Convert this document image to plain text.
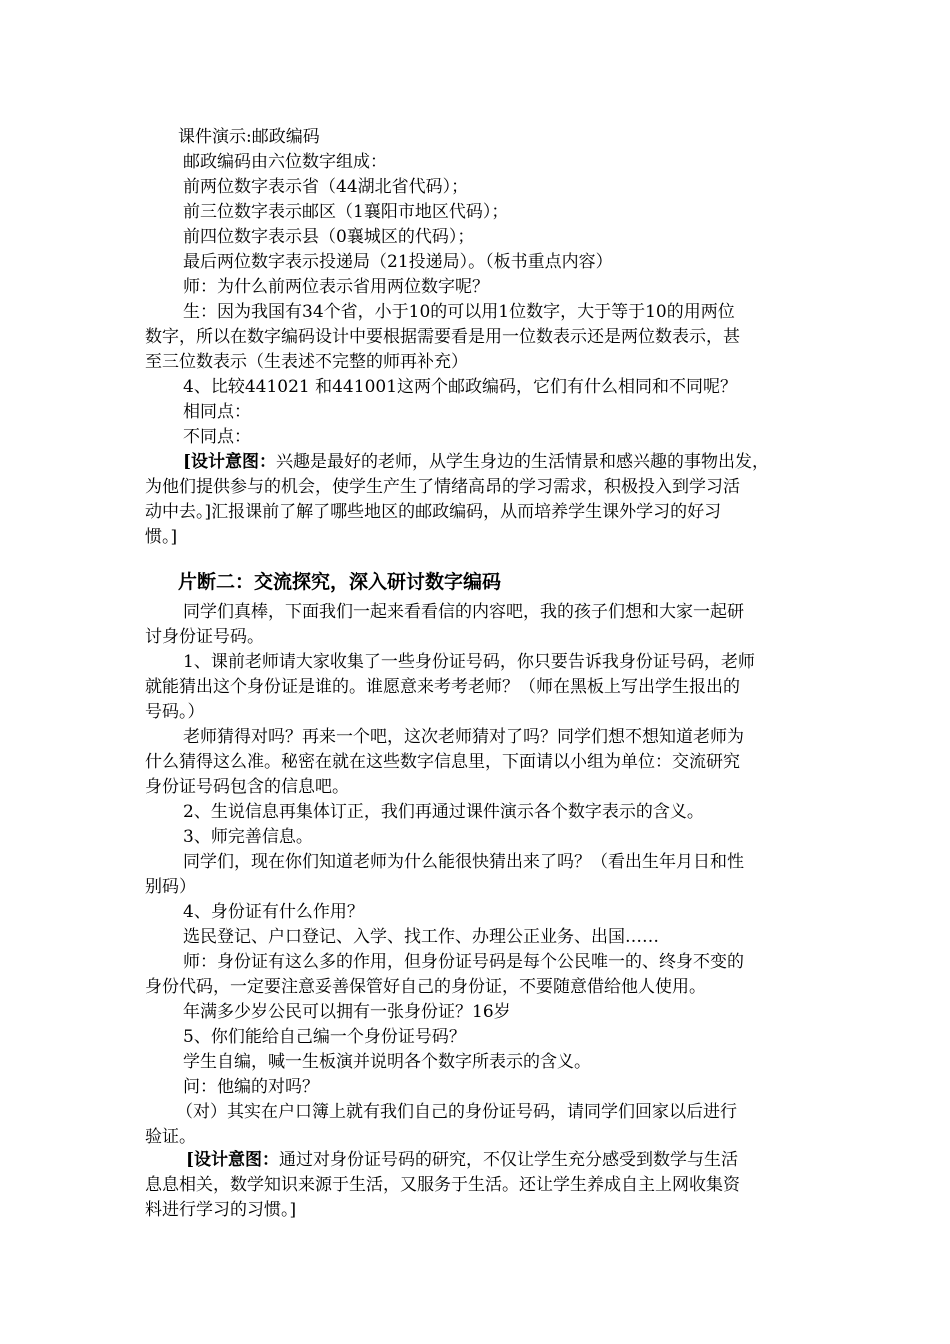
课件演示:邮政编码
邮政编码由六位数字组成：
前两位数字表示省（44湖北省代码）；
前三位数字表示邮区（1襄阳市地区代码）；
前四位数字表示县（0襄城区的代码）；
最后两位数字表示投递局（21投递局）。（板书重点内容）
师：为什么前两位表示省用两位数字呢？
生：因为我国有34个省，小于10的可以用1位数字，大于等于10的用两位
数字，所以在数字编码设计中要根据需要看是用一位数表示还是两位数表示，甚
至三位数表示（生表述不完整的师再补充）
4、比较441021 和441001这两个邮政编码，它们有什么相同和不同呢？
相同点：
不同点：
[设计意图：兴趣是最好的老师，从学生身边的生活情景和感兴趣的事物出发，
为他们提供参与的机会，使学生产生了情绪高昂的学习需求，积极投入到学习活
动中去。]汇报课前了解了哪些地区的邮政编码，从而培养学生课外学习的好习
惯。]
片断二：交流探究，深入研讨数字编码
同学们真棒，下面我们一起来看看信的内容吧，我的孩子们想和大家一起研
讨身份证号码。
1、课前老师请大家收集了一些身份证号码，你只要告诉我身份证号码，老师
就能猜出这个身份证是谁的。谁愿意来考考老师？（师在黑板上写出学生报出的
号码。）
老师猜得对吗？再来一个吧，这次老师猜对了吗？同学们想不想知道老师为
什么猜得这么准。秘密在就在这些数字信息里，下面请以小组为单位：交流研究
身份证号码包含的信息吧。
2、生说信息再集体订正，我们再通过课件演示各个数字表示的含义。
3、师完善信息。
同学们，现在你们知道老师为什么能很快猜出来了吗？（看出生年月日和性
别码）
4、身份证有什么作用？
选民登记、户口登记、入学、找工作、办理公正业务、出国……
师：身份证有这么多的作用，但身份证号码是每个公民唯一的、终身不变的
身份代码，一定要注意妥善保管好自己的身份证，不要随意借给他人使用。
年满多少岁公民可以拥有一张身份证？16岁
5、你们能给自己编一个身份证号码？
学生自编，喊一生板演并说明各个数字所表示的含义。
问：他编的对吗？
（对）其实在户口簿上就有我们自己的身份证号码，请同学们回家以后进行
验证。
[设计意图：通过对身份证号码的研究，不仅让学生充分感受到数学与生活
息息相关，数学知识来源于生活，又服务于生活。还让学生养成自主上网收集资
料进行学习的习惯。]
